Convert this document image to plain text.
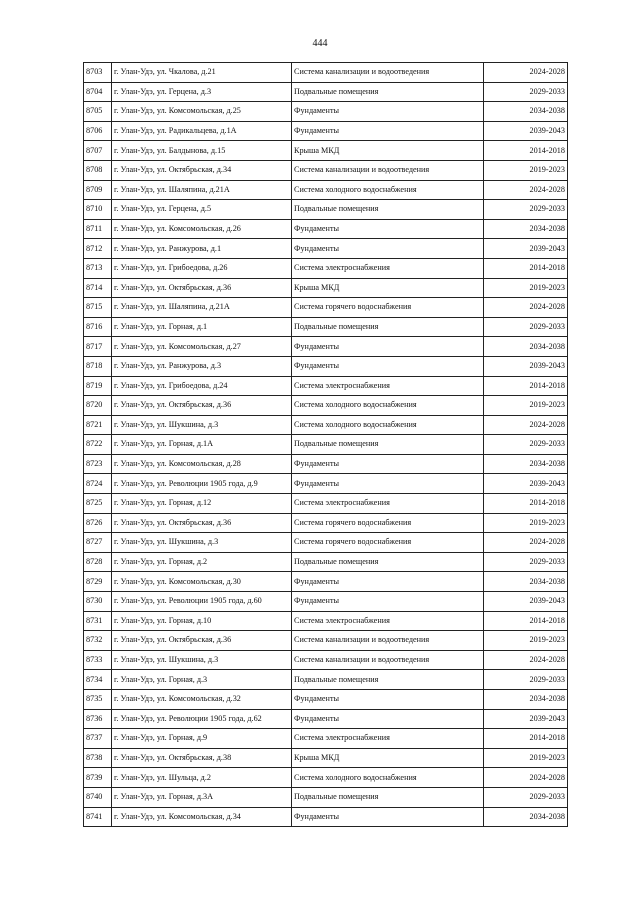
444
8703	г. Улан-Удэ, ул. Чкалова, д.21	Система канализации и водоотведения	2024-2028
8704	г. Улан-Удэ, ул. Герцена, д.3	Подвальные помещения	2029-2033
8705	г. Улан-Удэ, ул. Комсомольская, д.25	Фундаменты	2034-2038
8706	г. Улан-Удэ, ул. Радикальцева, д.1А	Фундаменты	2039-2043
8707	г. Улан-Удэ, ул. Балдынова, д.15	Крыша МКД	2014-2018
8708	г. Улан-Удэ, ул. Октябрьская, д.34	Система канализации и водоотведения	2019-2023
8709	г. Улан-Удэ, ул. Шаляпина, д.21А	Система холодного водоснабжения	2024-2028
8710	г. Улан-Удэ, ул. Герцена, д.5	Подвальные помещения	2029-2033
8711	г. Улан-Удэ, ул. Комсомольская, д.26	Фундаменты	2034-2038
8712	г. Улан-Удэ, ул. Ранжурова, д.1	Фундаменты	2039-2043
8713	г. Улан-Удэ, ул. Грибоедова, д.26	Система электроснабжения	2014-2018
8714	г. Улан-Удэ, ул. Октябрьская, д.36	Крыша МКД	2019-2023
8715	г. Улан-Удэ, ул. Шаляпина, д.21А	Система горячего водоснабжения	2024-2028
8716	г. Улан-Удэ, ул. Горная, д.1	Подвальные помещения	2029-2033
8717	г. Улан-Удэ, ул. Комсомольская, д.27	Фундаменты	2034-2038
8718	г. Улан-Удэ, ул. Ранжурова, д.3	Фундаменты	2039-2043
8719	г. Улан-Удэ, ул. Грибоедова, д.24	Система электроснабжения	2014-2018
8720	г. Улан-Удэ, ул. Октябрьская, д.36	Система холодного водоснабжения	2019-2023
8721	г. Улан-Удэ, ул. Шукшина, д.3	Система холодного водоснабжения	2024-2028
8722	г. Улан-Удэ, ул. Горная, д.1А	Подвальные помещения	2029-2033
8723	г. Улан-Удэ, ул. Комсомольская, д.28	Фундаменты	2034-2038
8724	г. Улан-Удэ, ул. Революции 1905 года, д.9	Фундаменты	2039-2043
8725	г. Улан-Удэ, ул. Горная, д.12	Система электроснабжения	2014-2018
8726	г. Улан-Удэ, ул. Октябрьская, д.36	Система горячего водоснабжения	2019-2023
8727	г. Улан-Удэ, ул. Шукшина, д.3	Система горячего водоснабжения	2024-2028
8728	г. Улан-Удэ, ул. Горная, д.2	Подвальные помещения	2029-2033
8729	г. Улан-Удэ, ул. Комсомольская, д.30	Фундаменты	2034-2038
8730	г. Улан-Удэ, ул. Революции 1905 года, д.60	Фундаменты	2039-2043
8731	г. Улан-Удэ, ул. Горная, д.10	Система электроснабжения	2014-2018
8732	г. Улан-Удэ, ул. Октябрьская, д.36	Система канализации и водоотведения	2019-2023
8733	г. Улан-Удэ, ул. Шукшина, д.3	Система канализации и водоотведения	2024-2028
8734	г. Улан-Удэ, ул. Горная, д.3	Подвальные помещения	2029-2033
8735	г. Улан-Удэ, ул. Комсомольская, д.32	Фундаменты	2034-2038
8736	г. Улан-Удэ, ул. Революции 1905 года, д.62	Фундаменты	2039-2043
8737	г. Улан-Удэ, ул. Горная, д.9	Система электроснабжения	2014-2018
8738	г. Улан-Удэ, ул. Октябрьская, д.38	Крыша МКД	2019-2023
8739	г. Улан-Удэ, ул. Шульца, д.2	Система холодного водоснабжения	2024-2028
8740	г. Улан-Удэ, ул. Горная, д.3А	Подвальные помещения	2029-2033
8741	г. Улан-Удэ, ул. Комсомольская, д.34	Фундаменты	2034-2038
